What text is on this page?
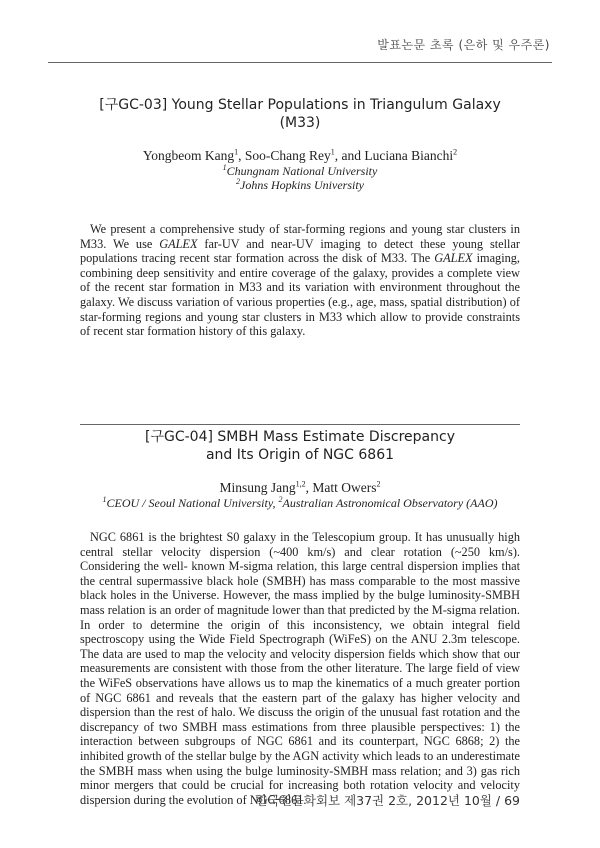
발표논문 초록 (은하 및 우주론)
[구GC-03] Young Stellar Populations in Triangulum Galaxy (M33)
Yongbeom Kang$^1$, Soo-Chang Rey$^1$, and Luciana Bianchi$^2$
$^1$Chungnam National University
$^2$Johns Hopkins University

We present a comprehensive study of star-forming regions and young star clusters in M33. We use GALEX far-UV and near-UV imaging to detect these young stellar populations tracing recent star formation across the disk of M33. The GALEX imaging, combining deep sensitivity and entire coverage of the galaxy, provides a complete view of the recent star formation in M33 and its variation with environment throughout the galaxy. We discuss variation of various properties (e.g., age, mass, spatial distribution) of star-forming regions and young star clusters in M33 which allow to provide constraints of recent star formation history of this galaxy.

[구GC-04] SMBH Mass Estimate Discrepancy
and Its Origin of NGC 6861
Minsung Jang$^{1,2}$, Matt Owers$^2$
$^1$CEOU / Seoul National University, $^2$Australian Astronomical Observatory (AAO)

NGC 6861 is the brightest S0 galaxy in the Telescopium group. It has unusually high central stellar velocity dispersion (~400 km/s) and clear rotation (~250 km/s). Considering the well- known M-sigma relation, this large central dispersion implies that the central supermassive black hole (SMBH) has mass comparable to the most massive black holes in the Universe. However, the mass implied by the bulge luminosity-SMBH mass relation is an order of magnitude lower than that predicted by the M-sigma relation. In order to determine the origin of this inconsistency, we obtain integral field spectroscopy using the Wide Field Spectrograph (WiFeS) on the ANU 2.3m telescope. The data are used to map the velocity and velocity dispersion fields which show that our measurements are consistent with those from the other literature. The large field of view the WiFeS observations have allows us to map the kinematics of a much greater portion of NGC 6861 and reveals that the eastern part of the galaxy has higher velocity and dispersion than the rest of halo. We discuss the origin of the unusual fast rotation and the discrepancy of two SMBH mass estimations from three plausible perspectives: 1) the interaction between subgroups of NGC 6861 and its counterpart, NGC 6868; 2) the inhibited growth of the stellar bulge by the AGN activity which leads to an underestimate the SMBH mass when using the bulge luminosity-SMBH mass relation; and 3) gas rich minor mergers that could be crucial for increasing both rotation velocity and velocity dispersion during the evolution of NGC 6861.

한국천문학회보 제37권 2호, 2012년 10월 / 69
